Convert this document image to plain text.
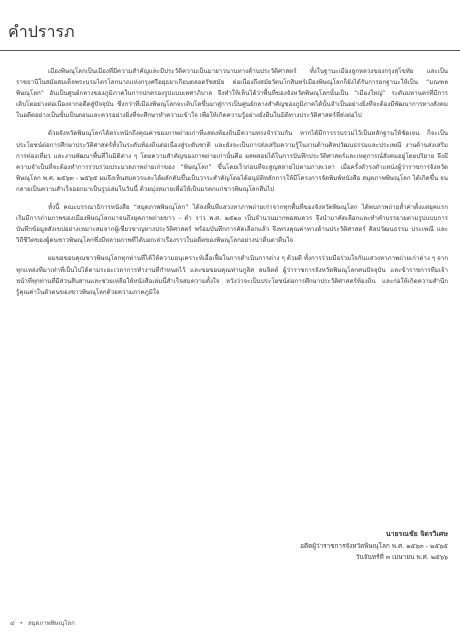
คำปรารภ

เมืองพิษณุโลกเป็นเมืองที่มีความสำคัญและมีประวัติความเป็นมายาวนานทางด้านประวัติศาสตร์ ทั้งในฐานะเมืองลูกหลวงของกรุงสุโขทัย และเป็นราชธานีในสมัยสมเด็จพระบรมไตรโลกนาถแห่งกรุงศรีอยุธยาเกือบตลอดรัชสมัย ต่อเนื่องถึงสมัยวัดนโกสินทร์เมืองพิษณุโลกก็ยังได้รับการยกฐานะให้เป็น “มณฑลพิษณุโลก” อันเป็นศูนย์กลางของภูมิภาคในการปกครองรูปแบบเทศาภิบาล จึงทำให้เห็นได้ว่าพื้นที่ของจังหวัดพิษณุโลกนั้นเป็น “เมืองใหญ่” ระดับมหานครที่มีการเติบโตอย่างต่อเนื่องจากอดีตสู่ปัจจุบัน ซึ่งกว่าที่เมืองพิษณุโลกจะเติบโตขึ้นมาสู่การเป็นศูนย์กลางสำคัญของภูมิภาคได้นั้นจำเป็นอย่างยิ่งที่จะต้องมีพัฒนาการทางสังคมในอดีตอย่างเป็นขั้นเป็นตอนและควรอย่างยิ่งที่จะศึกษาทำความเข้าใจ เพื่อให้เกิดความรู้อย่างยั่งยืนในมิติทางประวัติศาสตร์ที่ส่งต่อไป

ด้วยจังหวัดพิษณุโลกได้ตระหนักถึงคุณค่าของภาพถ่ายเก่าที่แสดงท้องถิ่นมีความทรงจำร่วมกัน หากได้มีการรวบรวมไว้เป็นหลักฐานให้ชัดเจน ก็จะเป็นประโยชน์ต่อการศึกษาประวัติศาสตร์ทั้งในระดับท้องถิ่นต่อเนื่องสู่ระดับชาติ และยังจะเป็นการส่งเสริมความรู้ในงานด้านศิลปวัฒนธรรมและประเพณี งานด้านส่งเสริมการท่องเที่ยว และงานพัฒนาพื้นที่ในมิติต่าง ๆ โดยความสำคัญของภาพถ่ายเก่านั้นคือ ผลพลอยได้ในการบันทึกประวัติศาสตร์และเหตุการณ์สังคมอยู่โดยปริยาย จึงมีความจำเป็นที่จะต้องทำการรวบรวมประมวลภาพถ่ายเก่าของ “พิษณุโลก” ขึ้นโดยเร็วก่อนที่จะสูญสลายไปตามกาลเวลา เมื่อครั้งดำรงตำแหน่งผู้ว่าราชการจังหวัดพิษณุโลก พ.ศ. ๒๕๖๓ - ๒๕๖๕ ผมจึงเห็นสมควรและได้ผลักดันขึ้นเป็นวาระสำคัญโดยได้อนุมัติหลักการให้มีโครงการจัดพิมพ์หนังสือ สมุดภาพพิษณุโลก ได้เกิดขึ้น จนกลายเป็นความสำเร็จออกมาเป็นรูปเล่มในวันนี้ ด้วยมุ่งหมายเพื่อให้เป็นมรดกแก่ชาวพิษณุโลกสืบไป

ทั้งนี้ คณะบรรณาธิการหนังสือ “สมุดภาพพิษณุโลก” ได้ลงพื้นที่แสวงหาภาพถ่ายเก่าจากทุกพื้นที่ของจังหวัดพิษณุโลก ได้พบภาพถ่ายล้ำค่าตั้งแต่ยุคแรกเริ่มมีการถ่ายภาพของเมืองพิษณุโลกมาจนถึงยุคภาพถ่ายขาว - ดำ ราว พ.ศ. ๒๕๒๐ เป็นจำนวนมากพอสมควร จึงนำมาคัดเลือกและทำคำบรรยายตามรูปแบบการบันทึกข้อมูลสังเขปอย่างเหมาะสมจากผู้เชี่ยวชาญทางประวัติศาสตร์ พร้อมบันทึกการคัดเลือกแล้ว จึงทรงคุณค่าทางด้านประวัติศาสตร์ ศิลปวัฒนธรรม ประเพณี และวิถีชีวิตของผู้คนชาวพิษณุโลกซึ่งมีหลายภาพที่ได้บอกเล่าเรื่องราวในอดีตของพิษณุโลกอย่างน่าตื่นตาตื่นใจ

ผมขอขอบคุณชาวพิษณุโลกทุกท่านที่ได้ให้ความอนุเคราะห์เอื้อเฟื้อในการดำเนินการต่าง ๆ ด้วยดี ทั้งการร่วมมือร่วมใจกันแสวงหาภาพถ่ายเก่าต่าง ๆ จากทุกแหล่งที่มาเท่าที่เป็นไปได้ตามระยะเวลาการทำงานที่กำหนดไว้ และขอขอบคุณท่านกูลิส ลนจิตต์ ผู้ว่าราชการจังหวัดพิษณุโลกคนปัจจุบัน และข้าราชการทีมเจ้าหน้าที่ทุกท่านที่มีส่วนสืบสานและช่วยเหลือให้หนังสือเล่มนี้สำเร็จสมความตั้งใจ หวังว่าจะเป็นประโยชน์ต่อการศึกษาประวัติศาสตร์ท้องถิ่น และก่อให้เกิดความสำนึกรู้คุณค่าในตัวตนของชาวพิษณุโลกด้วยความภาคภูมิใจ

นายรณชัย จิตรวิเศษ
อดีตผู้ว่าราชการจังหวัดพิษณุโลก พ.ศ. ๒๕๖๓ - ๒๕๖๕
วันจันทร์ที่ ๓ เมษายน พ.ศ. ๒๕๖๖
๔ • สมุดภาพพิษณุโลก
